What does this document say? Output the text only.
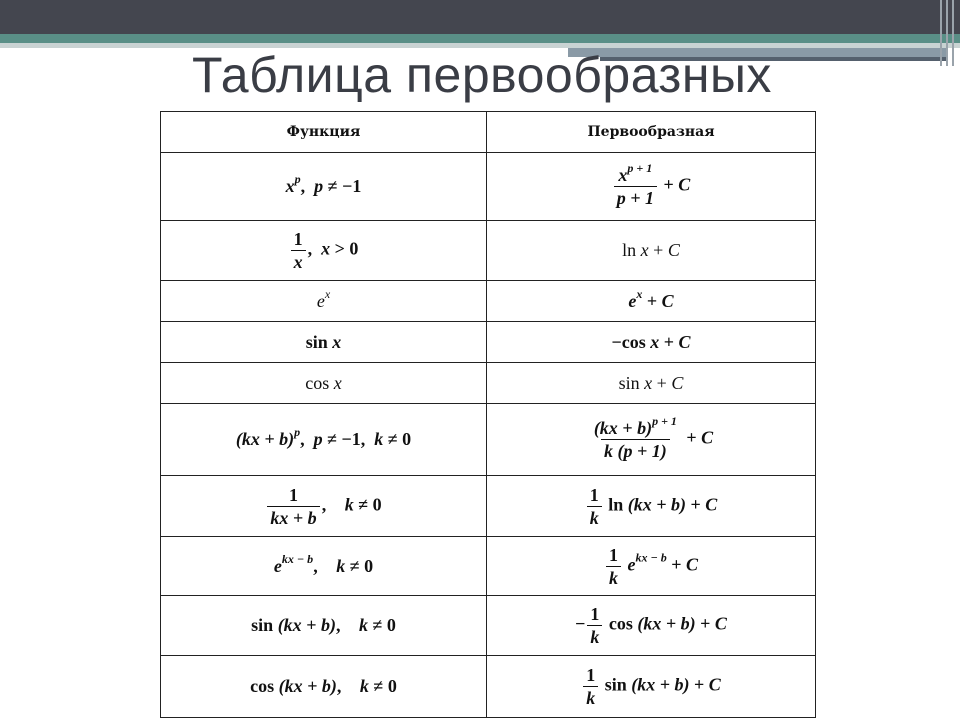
Таблица первообразных
Функция	Первообразная
$x^p$,  p ≠ −1	$\frac{x^{p + 1}}{p + 1} + C$

$\frac{1}{x}$ ,  x > 0	ln x + C
$e^x$	$e^x + C$
sin x	−cos x + C
cos x	sin x + C
(kx + b)$^p$,  p ≠ −1,  k ≠ 0	$\frac{(kx + b)^{p + 1}}{k (p + 1)} + C$

$\frac{1}{kx + b}$ , k ≠ 0	$\frac{1}{k}$ ln (kx + b) + C
$e^{kx - b}$, k ≠ 0	$\frac{1}{k} e^{kx - b} + C$
sin (kx + b), k ≠ 0	− $\frac{1}{k}$ cos (kx + b) + C
cos (kx + b), k ≠ 0	$\frac{1}{k}$ sin (kx + b) + C
